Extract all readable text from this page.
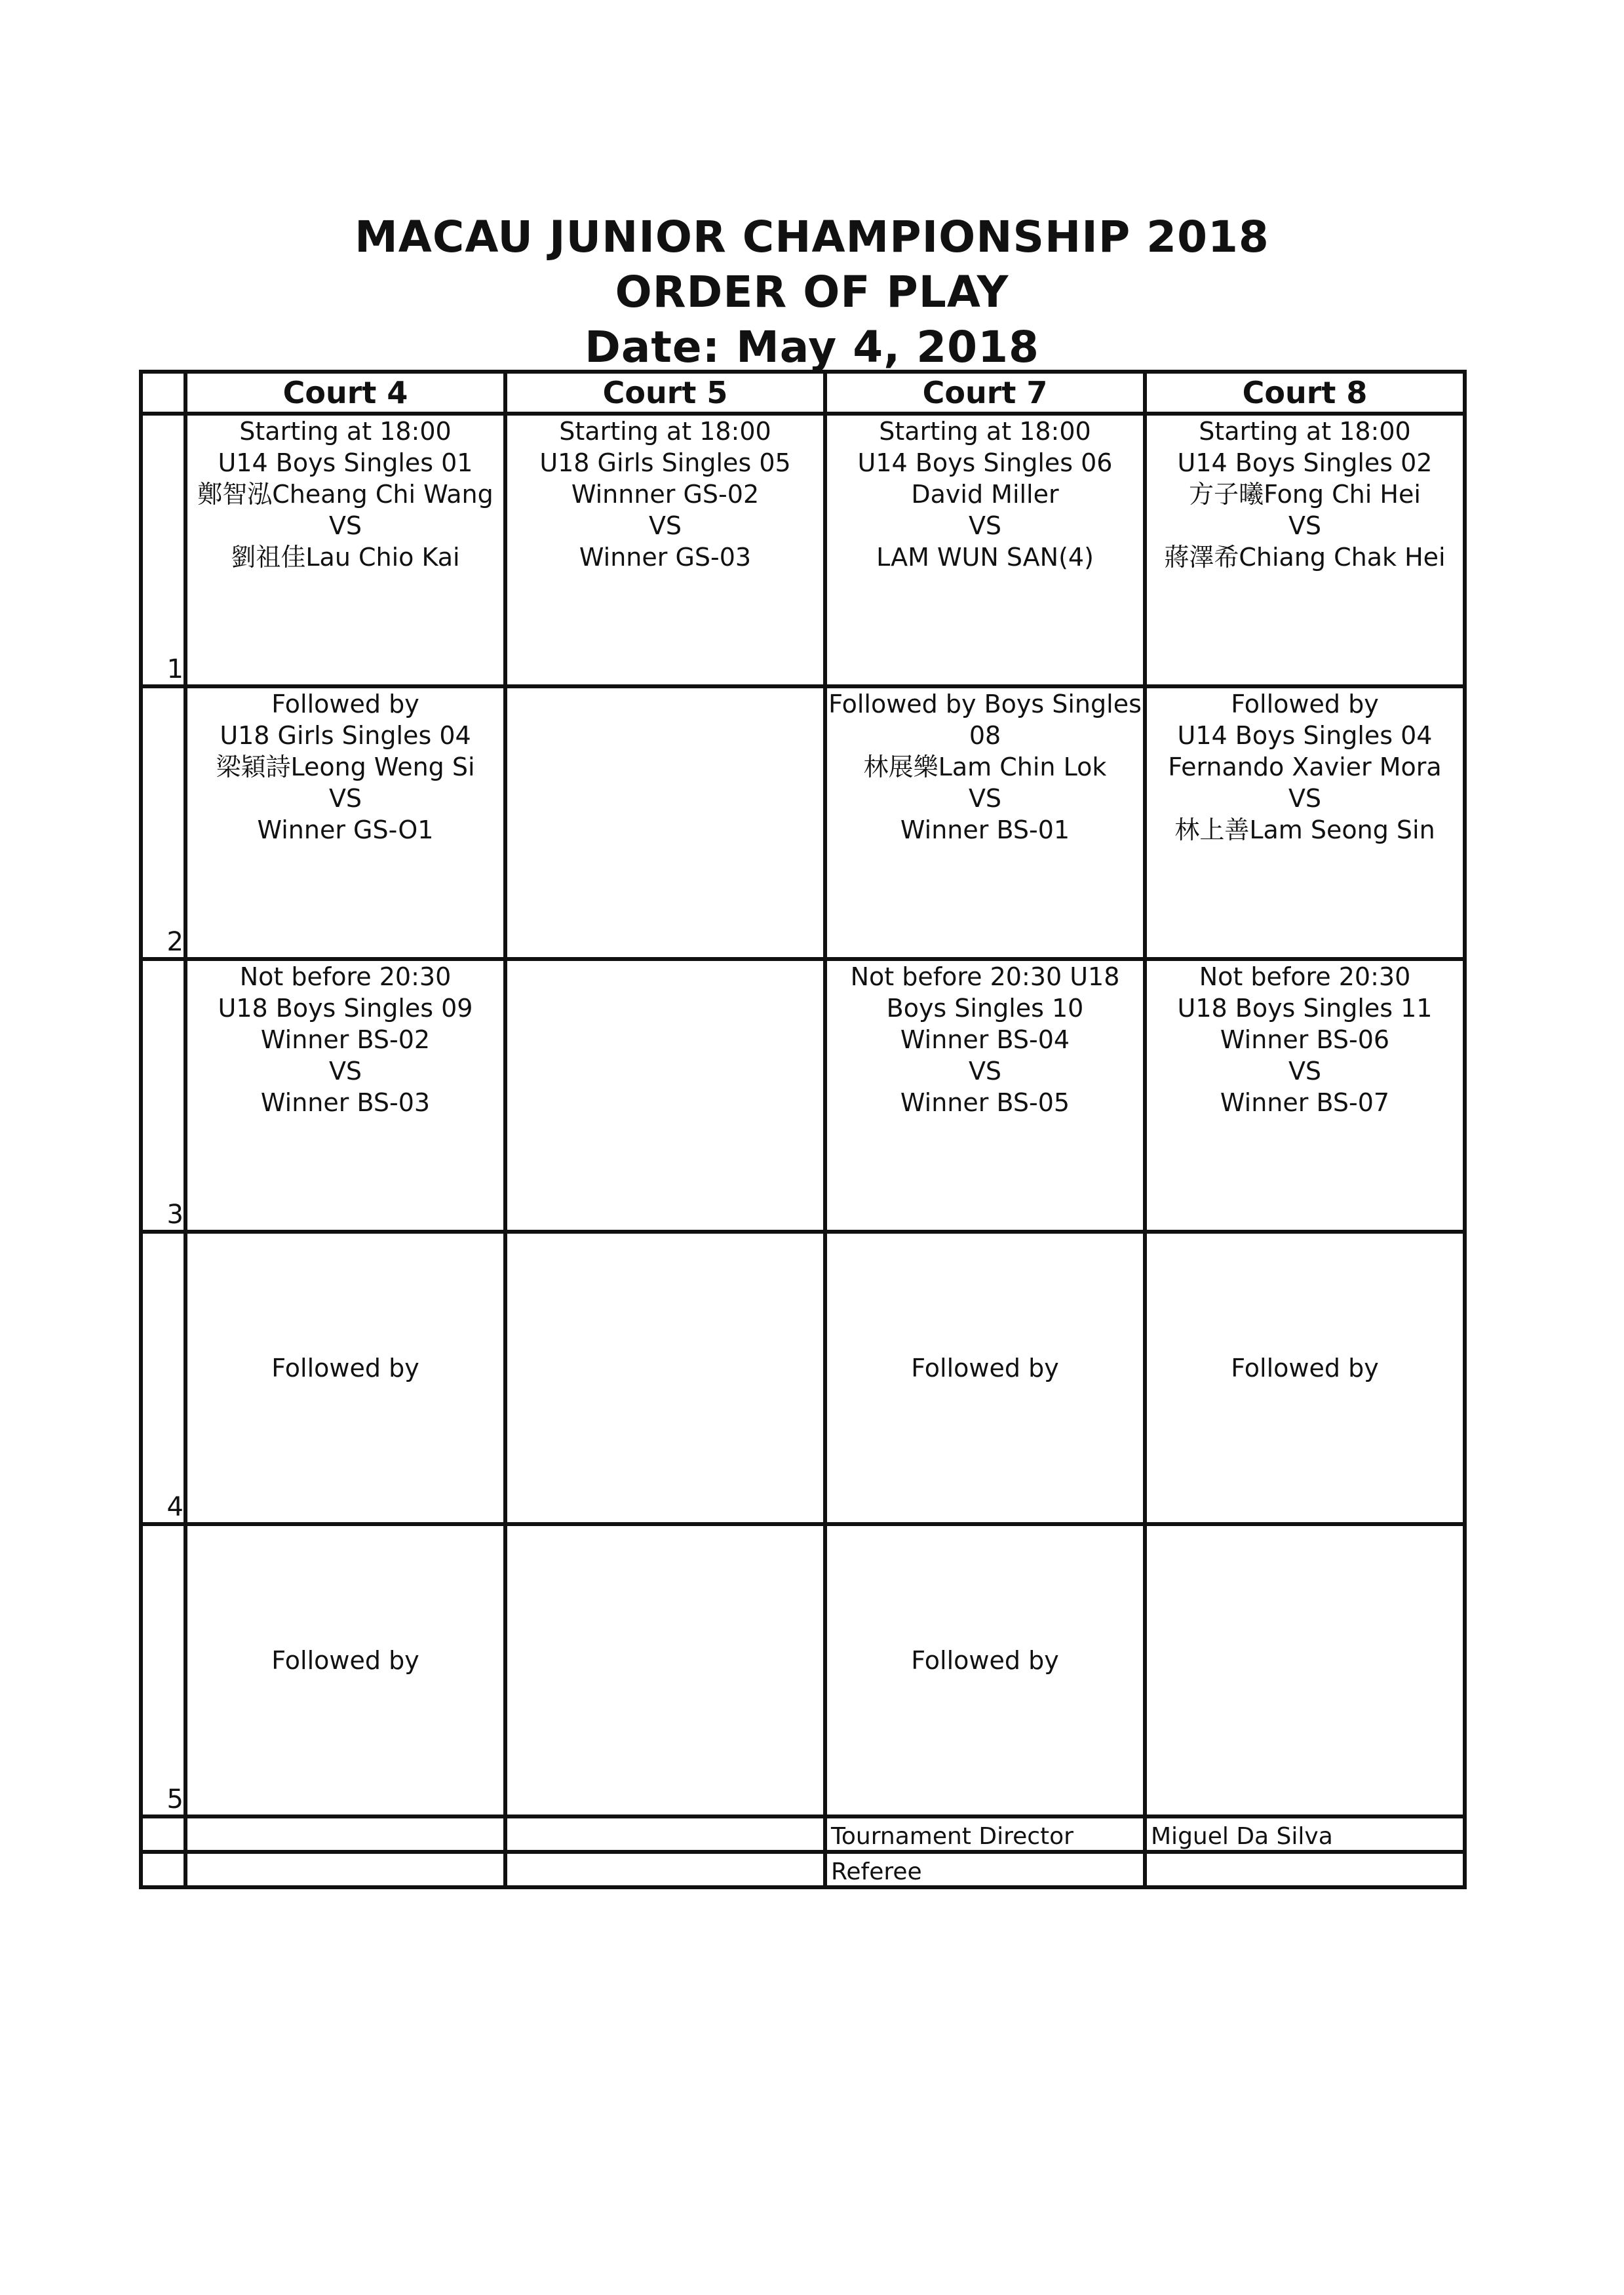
MACAU JUNIOR CHAMPIONSHIP 2018
ORDER OF PLAY
Date: May 4, 2018
	Court 4	Court 5	Court 7	Court 8
1	Starting at 18:00
U14 Boys Singles 01
鄭智泓Cheang Chi Wang
VS
劉祖佳Lau Chio Kai	Starting at 18:00
U18 Girls Singles 05
Winnner GS-02
VS
Winner GS-03	Starting at 18:00
U14 Boys Singles 06
David Miller
VS
LAM WUN SAN(4)	Starting at 18:00
U14 Boys Singles 02
方子曦Fong Chi Hei
VS
蔣澤希Chiang Chak Hei

2	Followed by
U18 Girls Singles 04
梁穎詩Leong Weng Si
VS
Winner GS-O1		Followed by Boys Singles
08
林展樂Lam Chin Lok
VS
Winner BS-01	Followed by
U14 Boys Singles 04
Fernando Xavier Mora
VS
林上善Lam Seong Sin

3	Not before 20:30
U18 Boys Singles 09
Winner BS-02
VS
Winner BS-03		Not before 20:30 U18
Boys Singles 10
Winner BS-04
VS
Winner BS-05	Not before 20:30
U18 Boys Singles 11
Winner BS-06
VS
Winner BS-07

4	Followed by		Followed by	Followed by

5	Followed by		Followed by	

			Tournament Director	Miguel Da Silva
			Referee	
